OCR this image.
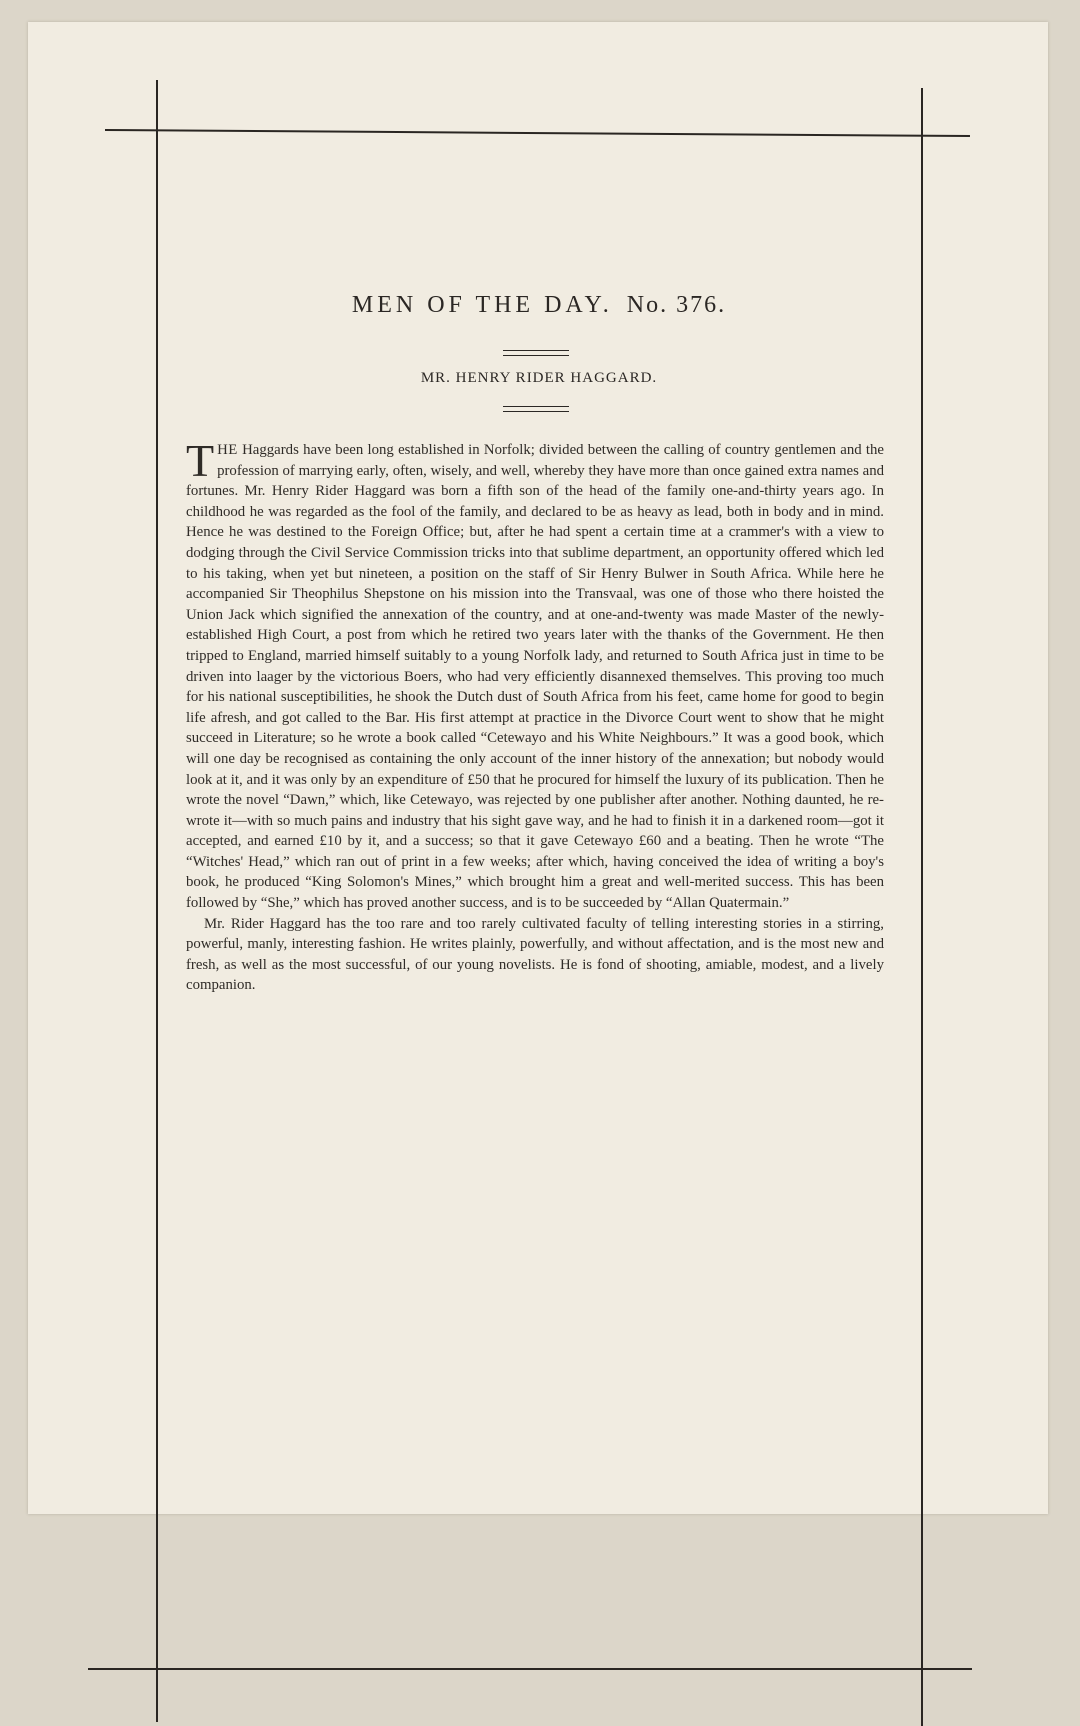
MEN OF THE DAY. No. 376.
MR. HENRY RIDER HAGGARD.

THE Haggards have been long established in Norfolk; divided between the calling of country gentlemen and the profession of marrying early, often, wisely, and well, whereby they have more than once gained extra names and fortunes. Mr. Henry Rider Haggard was born a fifth son of the head of the family one-and-thirty years ago. In childhood he was regarded as the fool of the family, and declared to be as heavy as lead, both in body and in mind. Hence he was destined to the Foreign Office; but, after he had spent a certain time at a crammer's with a view to dodging through the Civil Service Commission tricks into that sublime department, an opportunity offered which led to his taking, when yet but nineteen, a position on the staff of Sir Henry Bulwer in South Africa. While here he accompanied Sir Theophilus Shepstone on his mission into the Transvaal, was one of those who there hoisted the Union Jack which signified the annexation of the country, and at one-and-twenty was made Master of the newly-established High Court, a post from which he retired two years later with the thanks of the Government. He then tripped to England, married himself suitably to a young Norfolk lady, and returned to South Africa just in time to be driven into laager by the victorious Boers, who had very efficiently disannexed themselves. This proving too much for his national susceptibilities, he shook the Dutch dust of South Africa from his feet, came home for good to begin life afresh, and got called to the Bar. His first attempt at practice in the Divorce Court went to show that he might succeed in Literature; so he wrote a book called “Cetewayo and his White Neighbours.” It was a good book, which will one day be recognised as containing the only account of the inner history of the annexation; but nobody would look at it, and it was only by an expenditure of £50 that he procured for himself the luxury of its publication. Then he wrote the novel “Dawn,” which, like Cetewayo, was rejected by one publisher after another. Nothing daunted, he re-wrote it—with so much pains and industry that his sight gave way, and he had to finish it in a darkened room—got it accepted, and earned £10 by it, and a success; so that it gave Cetewayo £60 and a beating. Then he wrote “The “Witches' Head,” which ran out of print in a few weeks; after which, having conceived the idea of writing a boy's book, he produced “King Solomon's Mines,” which brought him a great and well-merited success. This has been followed by “She,” which has proved another success, and is to be succeeded by “Allan Quatermain.”

Mr. Rider Haggard has the too rare and too rarely cultivated faculty of telling interesting stories in a stirring, powerful, manly, interesting fashion. He writes plainly, powerfully, and without affectation, and is the most new and fresh, as well as the most successful, of our young novelists. He is fond of shooting, amiable, modest, and a lively companion.
